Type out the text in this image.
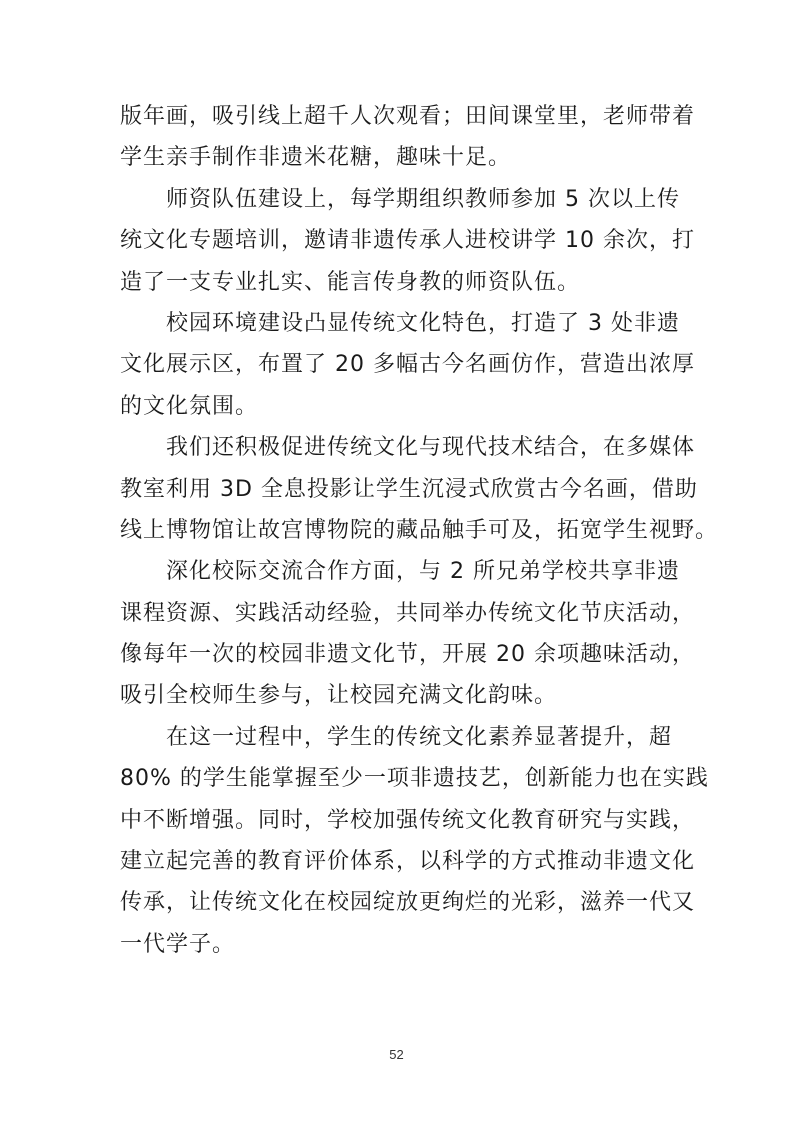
版年画，吸引线上超千人次观看；田间课堂里，老师带着
学生亲手制作非遗米花糖，趣味十足。
　　师资队伍建设上，每学期组织教师参加 5 次以上传
统文化专题培训，邀请非遗传承人进校讲学 10 余次，打
造了一支专业扎实、能言传身教的师资队伍。
　　校园环境建设凸显传统文化特色，打造了 3 处非遗
文化展示区，布置了 20 多幅古今名画仿作，营造出浓厚
的文化氛围。
　　我们还积极促进传统文化与现代技术结合，在多媒体
教室利用 3D 全息投影让学生沉浸式欣赏古今名画，借助
线上博物馆让故宫博物院的藏品触手可及，拓宽学生视野。
　　深化校际交流合作方面，与 2 所兄弟学校共享非遗
课程资源、实践活动经验，共同举办传统文化节庆活动，
像每年一次的校园非遗文化节，开展 20 余项趣味活动，
吸引全校师生参与，让校园充满文化韵味。
　　在这一过程中，学生的传统文化素养显著提升，超
80% 的学生能掌握至少一项非遗技艺，创新能力也在实践
中不断增强。同时，学校加强传统文化教育研究与实践，
建立起完善的教育评价体系，以科学的方式推动非遗文化
传承，让传统文化在校园绽放更绚烂的光彩，滋养一代又
一代学子。
52
